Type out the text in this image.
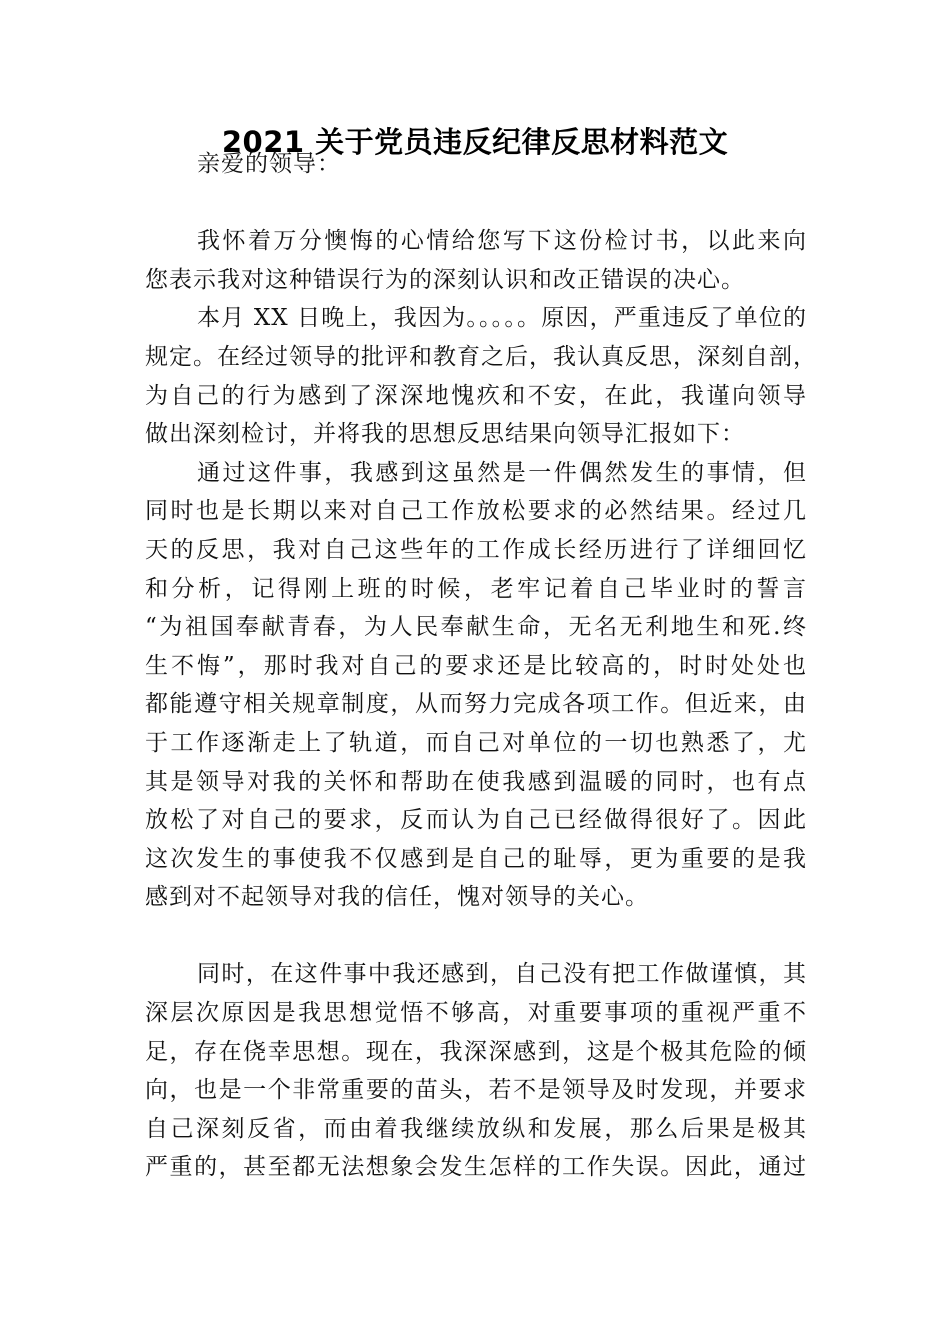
2021 关于党员违反纪律反思材料范文
亲爱的领导：
我怀着万分懊悔的心情给您写下这份检讨书，以此来向
您表示我对这种错误行为的深刻认识和改正错误的决心。
本月 XX 日晚上，我因为。。。。。原因，严重违反了单位的
规定。在经过领导的批评和教育之后，我认真反思，深刻自剖，
为自己的行为感到了深深地愧疚和不安，在此，我谨向领导
做出深刻检讨，并将我的思想反思结果向领导汇报如下：
通过这件事，我感到这虽然是一件偶然发生的事情，但
同时也是长期以来对自己工作放松要求的必然结果。经过几
天的反思，我对自己这些年的工作成长经历进行了详细回忆
和分析，记得刚上班的时候，老牢记着自己毕业时的誓言
“为祖国奉献青春，为人民奉献生命，无名无利地生和死.终
生不悔”，那时我对自己的要求还是比较高的，时时处处也
都能遵守相关规章制度，从而努力完成各项工作。但近来，由
于工作逐渐走上了轨道，而自己对单位的一切也熟悉了，尤
其是领导对我的关怀和帮助在使我感到温暖的同时，也有点
放松了对自己的要求，反而认为自己已经做得很好了。因此
这次发生的事使我不仅感到是自己的耻辱，更为重要的是我
感到对不起领导对我的信任，愧对领导的关心。
同时，在这件事中我还感到，自己没有把工作做谨慎，其
深层次原因是我思想觉悟不够高，对重要事项的重视严重不
足，存在侥幸思想。现在，我深深感到，这是个极其危险的倾
向，也是一个非常重要的苗头，若不是领导及时发现，并要求
自己深刻反省，而由着我继续放纵和发展，那么后果是极其
严重的，甚至都无法想象会发生怎样的工作失误。因此，通过
